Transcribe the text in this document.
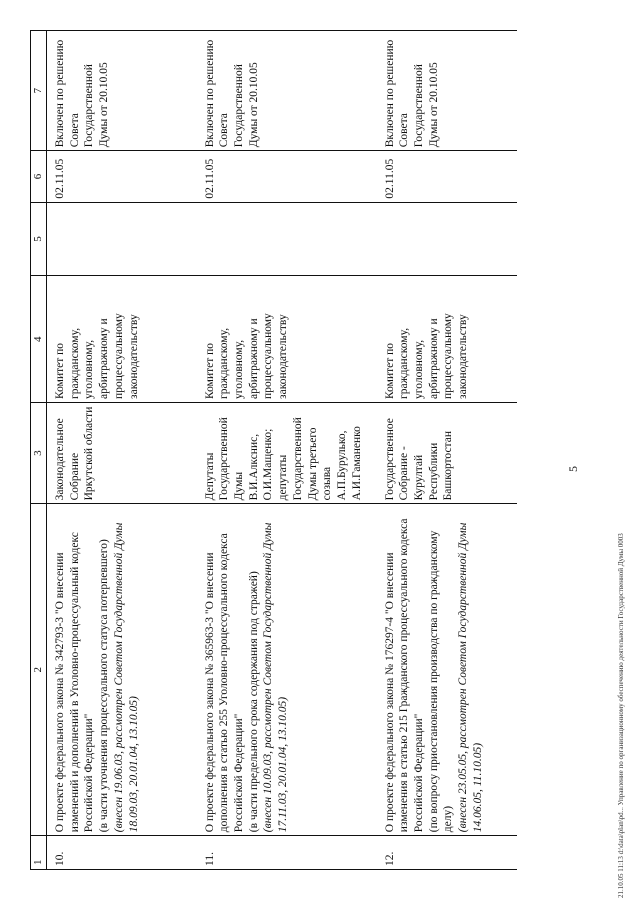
5
1	2	3	4	5	6	7
10.	О проекте федерального закона № 342793-3 "О внесении изменений и дополнений в Уголовно-процессуальный кодекс Российской Федерации" (в части уточнения процессуального статуса потерпевшего) (внесен 19.06.03, рассмотрен Советом Государственной Думы 18.09.03, 20.01.04, 13.10.05)	Законодательное Собрание Иркутской области	Комитет по гражданскому, уголовному, арбитражному и процессуальному законодательству		02.11.05	Включен по решению Совета Государственной Думы от 20.10.05
11.	О проекте федерального закона № 365963-3 "О внесении дополнения в статью 255 Уголовно-процессуального кодекса Российской Федерации" (в части предельного срока содержания под стражей) (внесен 10.09.03, рассмотрен Советом Государственной Думы 17.11.03, 20.01.04, 13.10.05)	Депутаты Государственной Думы В.И.Алкснис, О.И.Мащенко; депутаты Государственной Думы третьего созыва А.П.Бурулько, А.И.Гаманенко	Комитет по гражданскому, уголовному, арбитражному и процессуальному законодательству		02.11.05	Включен по решению Совета Государственной Думы от 20.10.05
12.	О проекте федерального закона № 176297-4 "О внесении изменения в статью 215 Гражданского процессуального кодекса Российской Федерации" (по вопросу приостановления производства по гражданскому делу) (внесен 23.05.05, рассмотрен Советом Государственной Думы 14.06.05, 11.10.05)	Государственное Собрание - Курултай Республики Башкортостан	Комитет по гражданскому, уголовному, арбитражному и процессуальному законодательству		02.11.05	Включен по решению Совета Государственной Думы от 20.10.05
21.10.05 11:13 d:\data\plan\pd... Управление по организационному обеспечению деятельности Государственной Думы 0003
